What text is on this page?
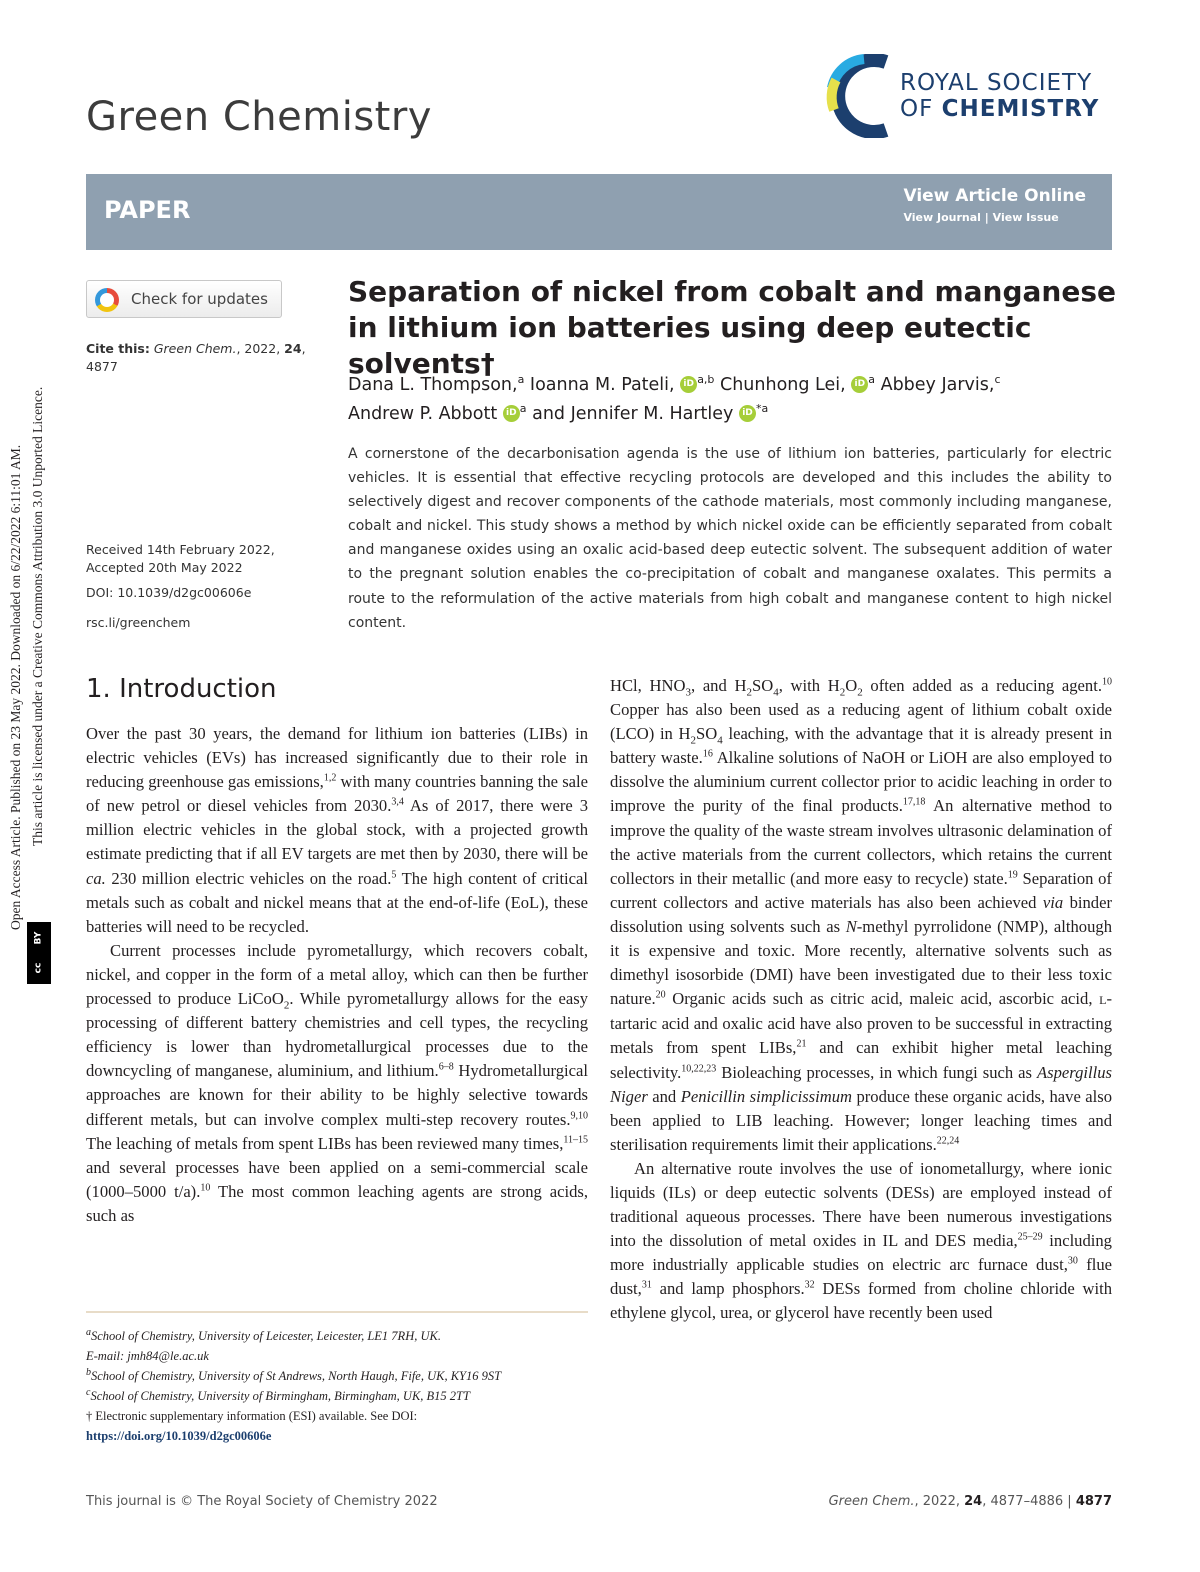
Green Chemistry
ROYAL SOCIETY
OF CHEMISTRY
PAPER	View Article Online
View Journal | View Issue
Check for updates
Cite this: Green Chem., 2022, 24, 4877
Received 14th February 2022,
Accepted 20th May 2022
DOI: 10.1039/d2gc00606e
rsc.li/greenchem
Separation of nickel from cobalt and manganese in lithium ion batteries using deep eutectic solvents†
Dana L. Thompson,$^a$ Ioanna M. Pateli, iD $^{a,b}$ Chunhong Lei, iD $^a$ Abbey Jarvis,$^c$
Andrew P. Abbott iD $^a$ and Jennifer M. Hartley iD $^{*a}$
A cornerstone of the decarbonisation agenda is the use of lithium ion batteries, particularly for electric vehicles. It is essential that effective recycling protocols are developed and this includes the ability to selectively digest and recover components of the cathode materials, most commonly including manganese, cobalt and nickel. This study shows a method by which nickel oxide can be efficiently separated from cobalt and manganese oxides using an oxalic acid-based deep eutectic solvent. The subsequent addition of water to the pregnant solution enables the co-precipitation of cobalt and manganese oxalates. This permits a route to the reformulation of the active materials from high cobalt and manganese content to high nickel content.
1. Introduction

Over the past 30 years, the demand for lithium ion batteries (LIBs) in electric vehicles (EVs) has increased significantly due to their role in reducing greenhouse gas emissions,$^{1,2}$ with many countries banning the sale of new petrol or diesel vehicles from 2030.$^{3,4}$ As of 2017, there were 3 million electric vehicles in the global stock, with a projected growth estimate predicting that if all EV targets are met then by 2030, there will be ca. 230 million electric vehicles on the road.$^5$ The high content of critical metals such as cobalt and nickel means that at the end-of-life (EoL), these batteries will need to be recycled.

Current processes include pyrometallurgy, which recovers cobalt, nickel, and copper in the form of a metal alloy, which can then be further processed to produce LiCoO$_2$. While pyrometallurgy allows for the easy processing of different battery chemistries and cell types, the recycling efficiency is lower than hydrometallurgical processes due to the downcycling of manganese, aluminium, and lithium.$^{6-8}$ Hydrometallurgical approaches are known for their ability to be highly selective towards different metals, but can involve complex multi-step recovery routes.$^{9,10}$ The leaching of metals from spent LIBs has been reviewed many times,$^{11-15}$ and several processes have been applied on a semi-commercial scale (1000–5000 t/a).$^{10}$ The most common leaching agents are strong acids, such as

HCl, $HNO_3$, and $H_2SO_4$, with $H_2O_2$ often added as a reducing agent.$^{10}$ Copper has also been used as a reducing agent of lithium cobalt oxide (LCO) in $H_2SO_4$ leaching, with the advantage that it is already present in battery waste.$^{16}$ Alkaline solutions of NaOH or LiOH are also employed to dissolve the aluminium current collector prior to acidic leaching in order to improve the purity of the final products.$^{17,18}$ An alternative method to improve the quality of the waste stream involves ultrasonic delamination of the active materials from the current collectors, which retains the current collectors in their metallic (and more easy to recycle) state.$^{19}$ Separation of current collectors and active materials has also been achieved via binder dissolution using solvents such as N-methyl pyrrolidone (NMP), although it is expensive and toxic. More recently, alternative solvents such as dimethyl isosorbide (DMI) have been investigated due to their less toxic nature.$^{20}$ Organic acids such as citric acid, maleic acid, ascorbic acid, L-tartaric acid and oxalic acid have also proven to be successful in extracting metals from spent LIBs,$^{21}$ and can exhibit higher metal leaching selectivity.$^{10,22,23}$ Bioleaching processes, in which fungi such as Aspergillus Niger and Penicillin simplicissimum produce these organic acids, have also been applied to LIB leaching. However; longer leaching times and sterilisation requirements limit their applications.$^{22,24}$

An alternative route involves the use of ionometallurgy, where ionic liquids (ILs) or deep eutectic solvents (DESs) are employed instead of traditional aqueous processes. There have been numerous investigations into the dissolution of metal oxides in IL and DES media,$^{25-29}$ including more industrially applicable studies on electric arc furnace dust,$^{30}$ flue dust,$^{31}$ and lamp phosphors.$^{32}$ DESs formed from choline chloride with ethylene glycol, urea, or glycerol have recently been used

$^a$School of Chemistry, University of Leicester, Leicester, LE1 7RH, UK.
E-mail: jmh84@le.ac.uk
$^b$School of Chemistry, University of St Andrews, North Haugh, Fife, UK, KY16 9ST
$^c$School of Chemistry, University of Birmingham, Birmingham, UK, B15 2TT
† Electronic supplementary information (ESI) available. See DOI: https://doi.org/10.1039/d2gc00606e
This journal is © The Royal Society of Chemistry 2022	Green Chem., 2022, 24, 4877–4886 | 4877
Open Access Article. Published on 23 May 2022. Downloaded on 6/22/2022 6:11:01 AM. This article is licensed under a Creative Commons Attribution 3.0 Unported Licence.
cc
BY
